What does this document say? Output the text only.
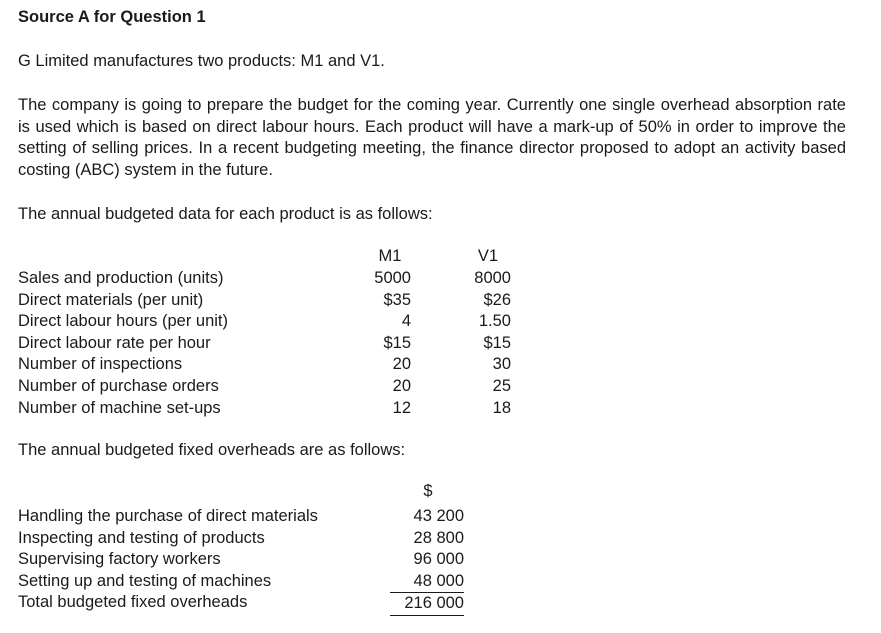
Source A for Question 1
G Limited manufactures two products: M1 and V1.
The company is going to prepare the budget for the coming year. Currently one single overhead absorption rate is used which is based on direct labour hours. Each product will have a mark-up of 50% in order to improve the setting of selling prices. In a recent budgeting meeting, the finance director proposed to adopt an activity based costing (ABC) system in the future.
The annual budgeted data for each product is as follows:
M1	V1
Sales and production (units)
Direct materials (per unit)
Direct labour hours (per unit)
Direct labour rate per hour
Number of inspections
Number of purchase orders
Number of machine set-ups
5000
$35
4
$15
20
20
12
8000
$26
1.50
$15
30
25
18
The annual budgeted fixed overheads are as follows:
$
Handling the purchase of direct materials
Inspecting and testing of products
Supervising factory workers
Setting up and testing of machines
Total budgeted fixed overheads
43 200
28 800
96 000
48 000
216 000
